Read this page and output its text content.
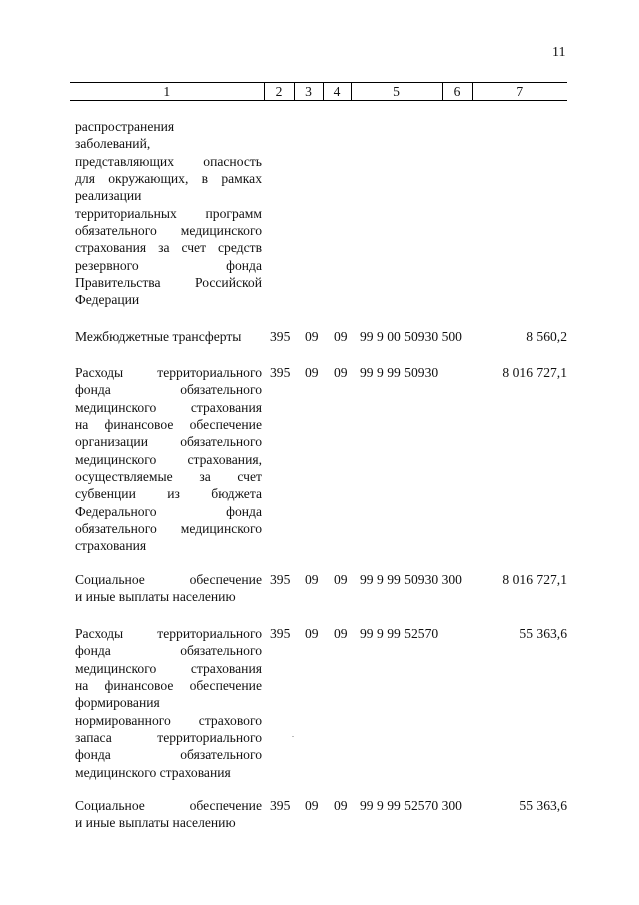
11
1	2	3	4	5	6	7
распространения
заболеваний,
представляющих опасность
для окружающих, в рамках
реализации
территориальных программ
обязательного медицинского
страхования за счет средств
резервного фонда
Правительства Российской
Федерации
Межбюджетные трансферты	395 09 09 99 9 00 50930 500	8 560,2
Расходы территориального
фонда обязательного
медицинского страхования
на финансовое обеспечение
организации обязательного
медицинского страхования,
осуществляемые за счет
субвенции из бюджета
Федерального фонда
обязательного медицинского
страхования
395 09 09 99 9 99 50930	8 016 727,1
Социальное обеспечение
и иные выплаты населению
395 09 09 99 9 99 50930 300	8 016 727,1
Расходы территориального
фонда обязательного
медицинского страхования
на финансовое обеспечение
формирования
нормированного страхового
запаса территориального
фонда обязательного
медицинского страхования
395 09 09 99 9 99 52570	55 363,6
Социальное обеспечение
и иные выплаты населению
395 09 09 99 9 99 52570 300	55 363,6
